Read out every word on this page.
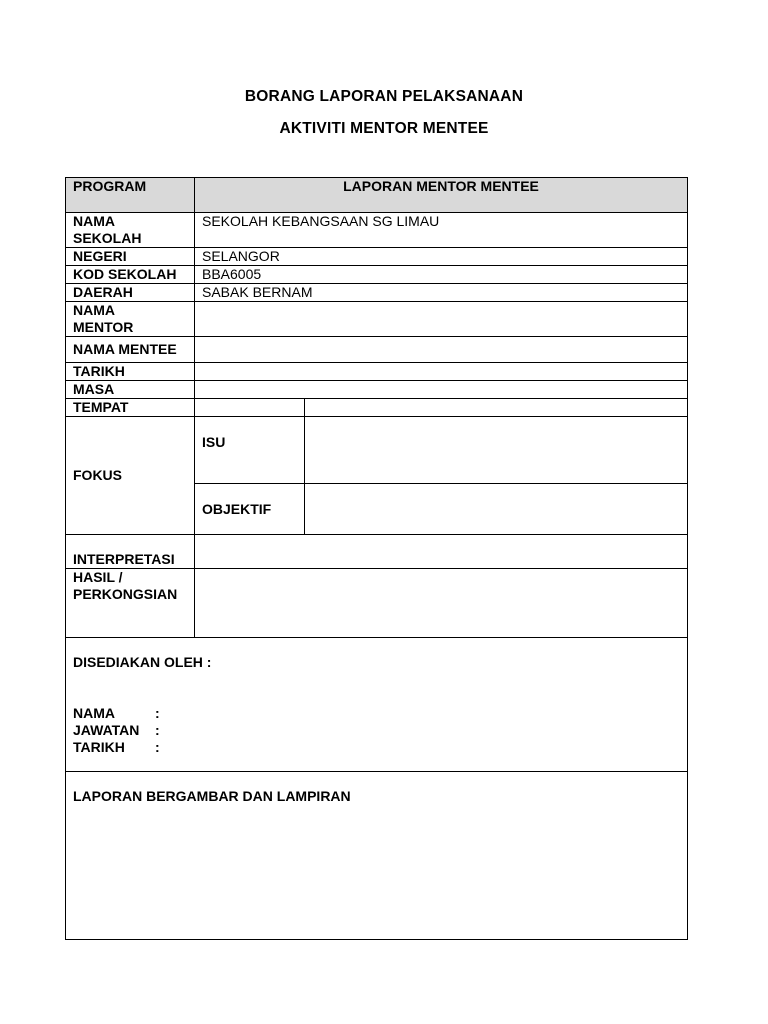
BORANG LAPORAN PELAKSANAAN
AKTIVITI MENTOR MENTEE
PROGRAM	LAPORAN MENTOR MENTEE	

NAMA
SEKOLAH	SEKOLAH KEBANGSAAN SG LIMAU	
NEGERI	SELANGOR	
KOD SEKOLAH	BBA6005	
DAERAH	SABAK BERNAM	

NAMA
MENTOR		

NAMA MENTEE		
TARIKH		
MASA		
TEMPAT		
FOKUS	ISU	

	OBJEKTIF	
INTERPRETASI		

HASIL /
PERKONGSIAN		

DISEDIAKAN OLEH :
NAMA :
JAWATAN :
TARIKH :		

LAPORAN BERGAMBAR DAN LAMPIRAN		
